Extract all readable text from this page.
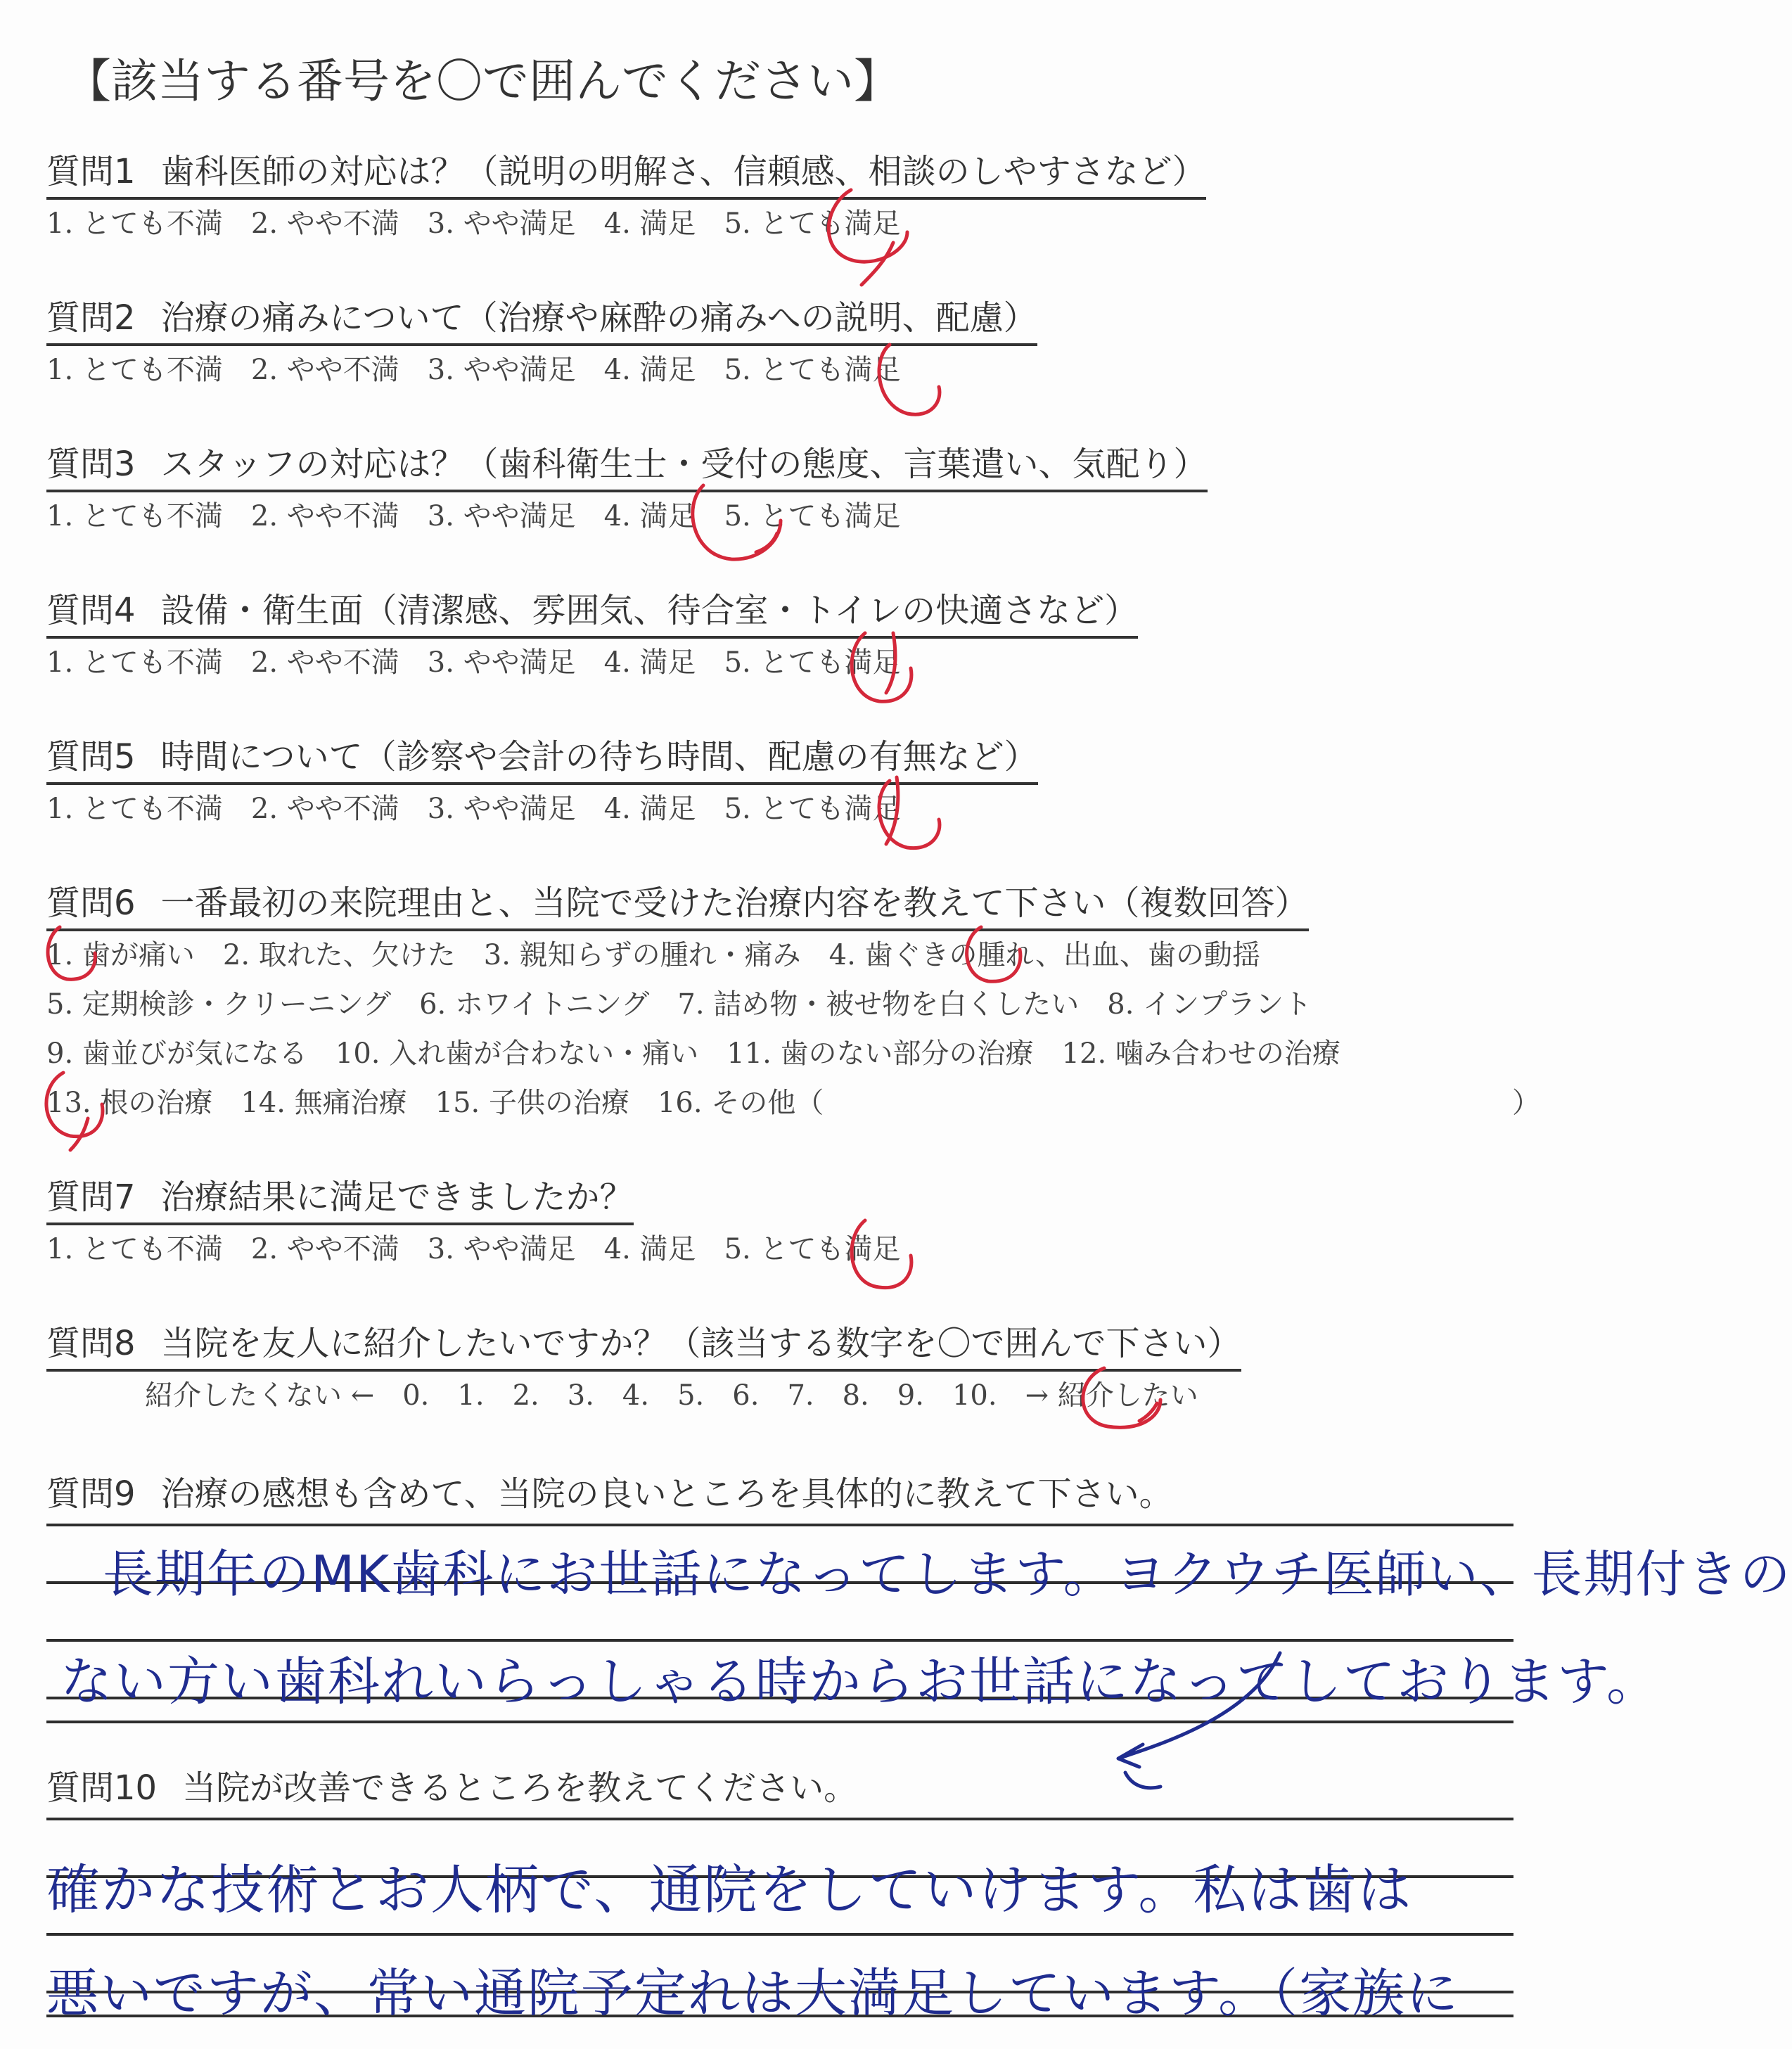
【該当する番号を〇で囲んでください】
質問1 歯科医師の対応は？（説明の明解さ、信頼感、相談のしやすさなど）
1. とても不満 2. やや不満 3. やや満足 4. 満足 5. とても満足
質問2 治療の痛みについて（治療や麻酔の痛みへの説明、配慮）
1. とても不満 2. やや不満 3. やや満足 4. 満足 5. とても満足
質問3 スタッフの対応は？（歯科衛生士・受付の態度、言葉遣い、気配り）
1. とても不満 2. やや不満 3. やや満足 4. 満足 5. とても満足
質問4 設備・衛生面（清潔感、雰囲気、待合室・トイレの快適さなど）
1. とても不満 2. やや不満 3. やや満足 4. 満足 5. とても満足
質問5 時間について（診察や会計の待ち時間、配慮の有無など）
1. とても不満 2. やや不満 3. やや満足 4. 満足 5. とても満足
質問6 一番最初の来院理由と、当院で受けた治療内容を教えて下さい（複数回答）
1. 歯が痛い 2. 取れた、欠けた 3. 親知らずの腫れ・痛み 4. 歯ぐきの腫れ、出血、歯の動揺
5. 定期検診・クリーニング 6. ホワイトニング 7. 詰め物・被せ物を白くしたい 8. インプラント
9. 歯並びが気になる 10. 入れ歯が合わない・痛い 11. 歯のない部分の治療 12. 噛み合わせの治療
13. 根の治療 14. 無痛治療 15. 子供の治療 16. その他（	）
質問7 治療結果に満足できましたか？
1. とても不満 2. やや不満 3. やや満足 4. 満足 5. とても満足
質問8 当院を友人に紹介したいですか？（該当する数字を〇で囲んで下さい）
紹介したくない ← 0. 1. 2. 3. 4. 5. 6. 7. 8. 9. 10. → 紹介したい
質問9 治療の感想も含めて、当院の良いところを具体的に教えて下さい。
長期年のMK歯科にお世話になってします。ヨクウチ医師い、長期付きの
ない方い歯科れいらっしゃる時からお世話になってしております。
質問10 当院が改善できるところを教えてください。
確かな技術とお人柄で、通院をしていけます。私は歯は
悪いですが、常い通院予定れは大満足しています。（家族に
